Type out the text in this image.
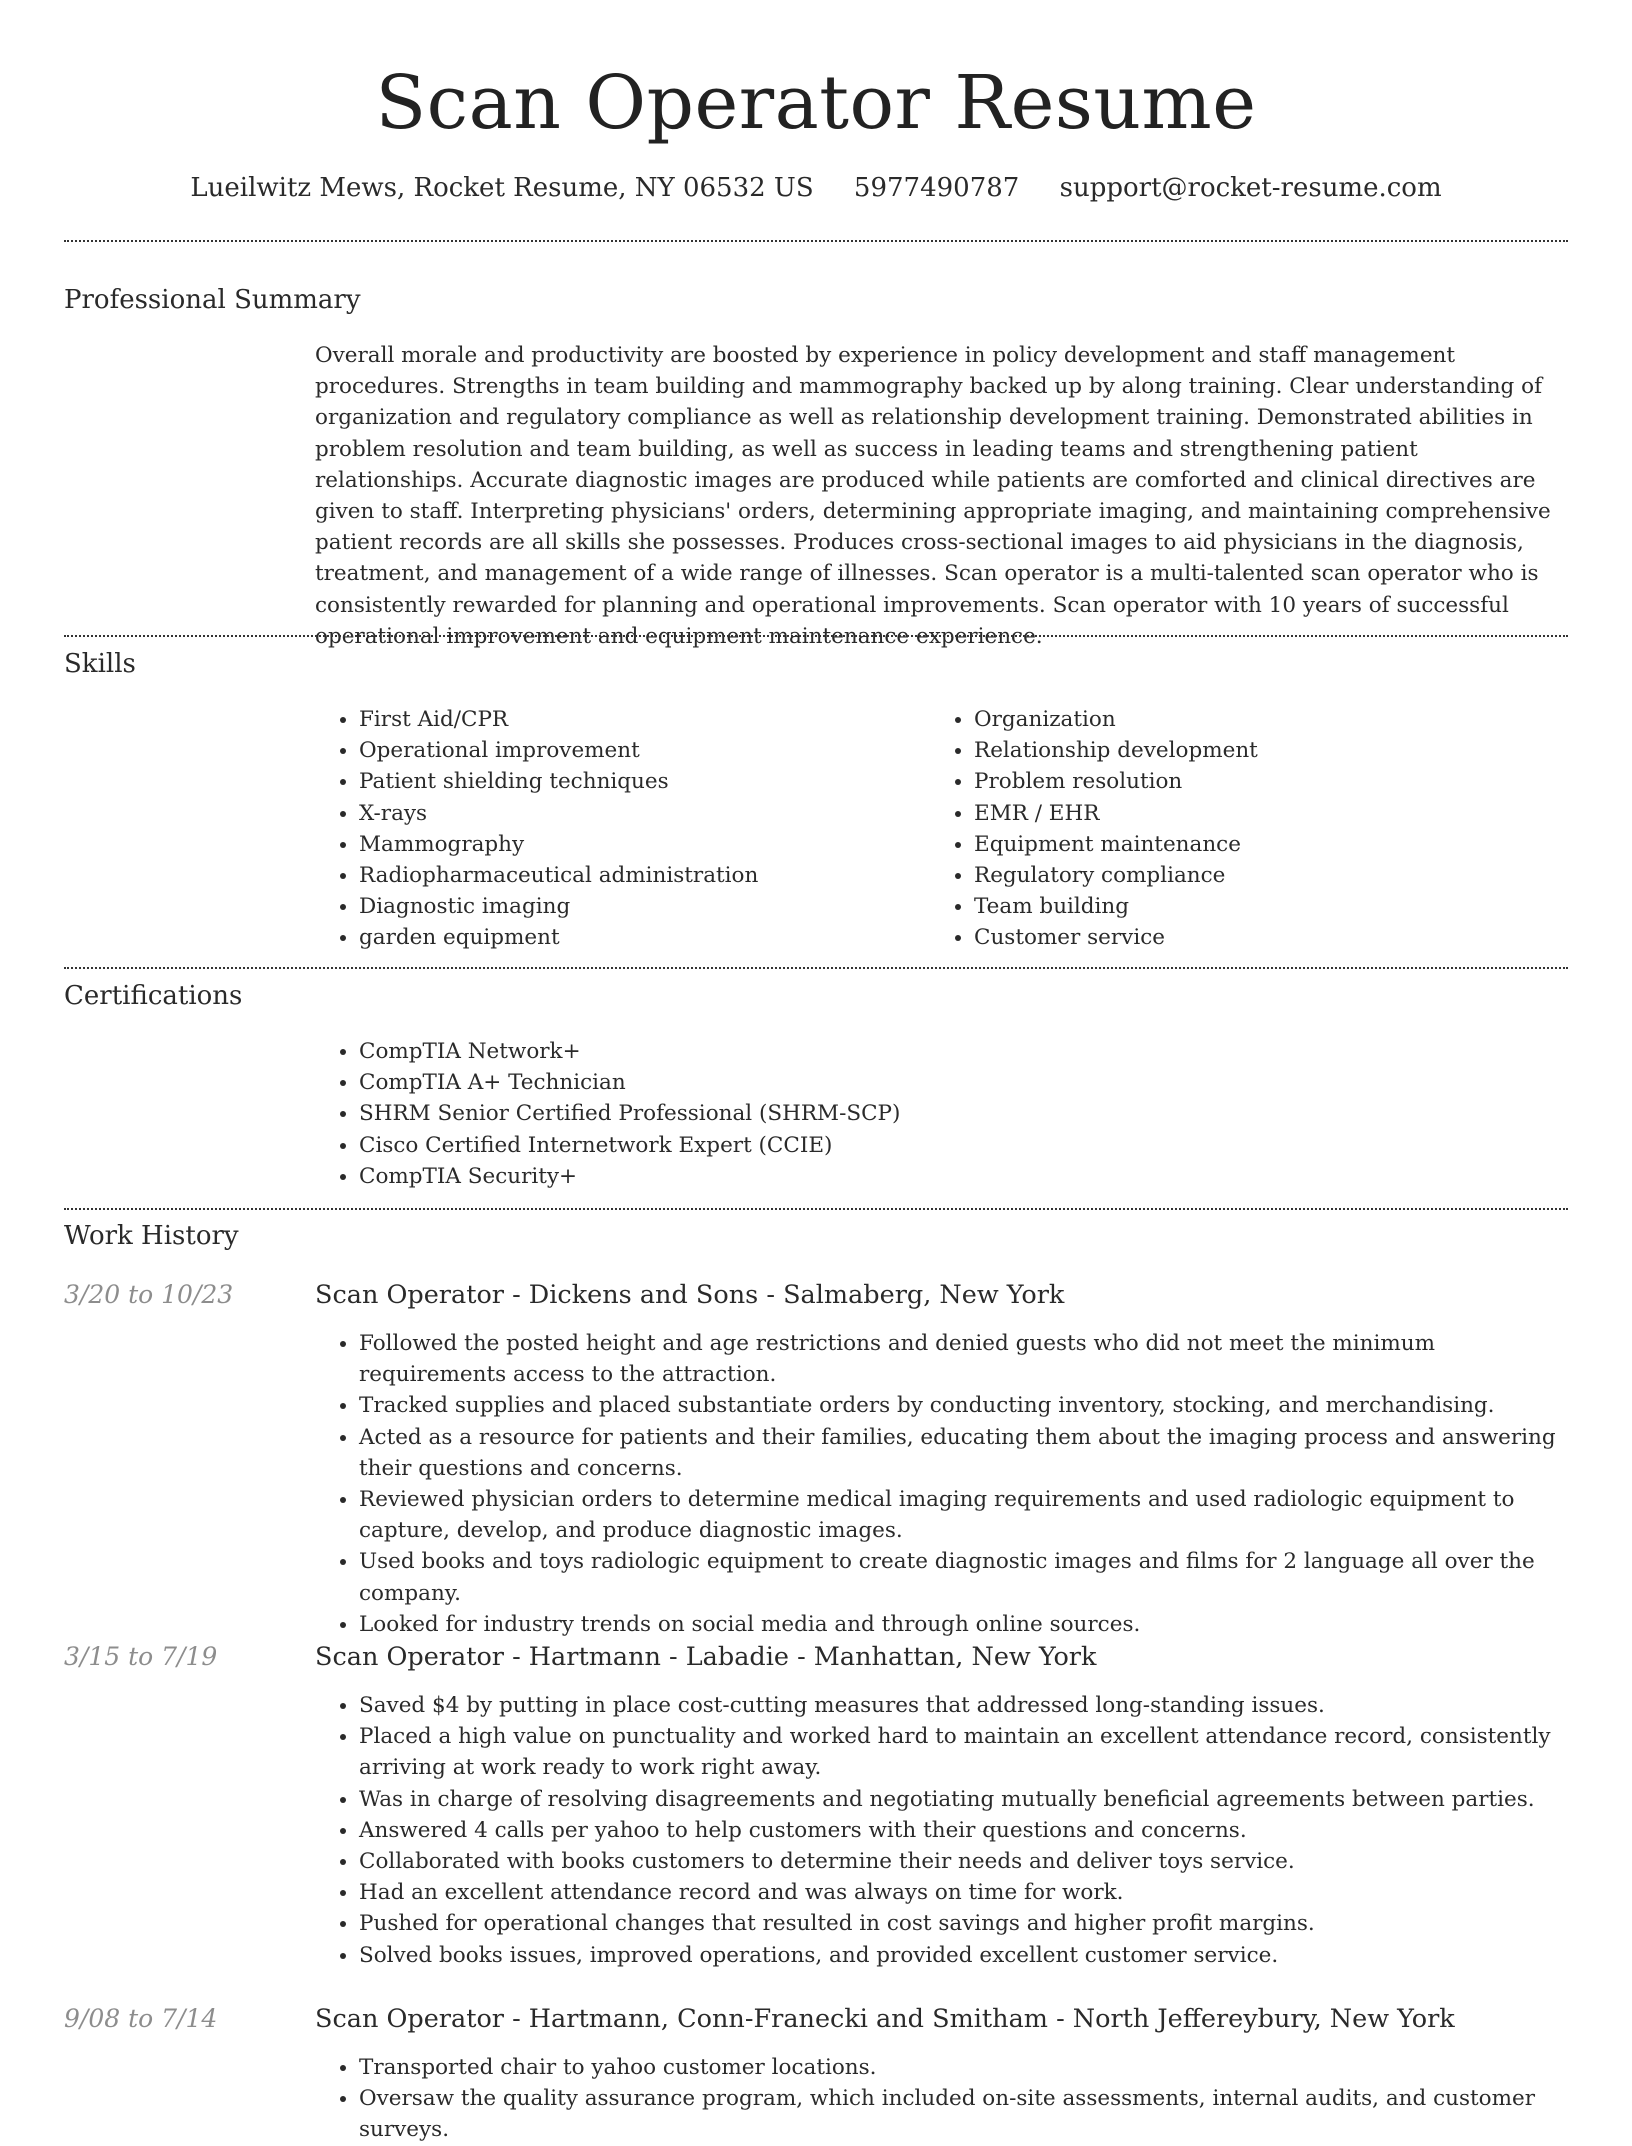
Scan Operator Resume
Lueilwitz Mews, Rocket Resume, NY 06532 US 5977490787 support@rocket-resume.com
Professional Summary

Overall morale and productivity are boosted by experience in policy development and staff management procedures. Strengths in team building and mammography backed up by along training. Clear understanding of organization and regulatory compliance as well as relationship development training. Demonstrated abilities in problem resolution and team building, as well as success in leading teams and strengthening patient relationships. Accurate diagnostic images are produced while patients are comforted and clinical directives are given to staff. Interpreting physicians' orders, determining appropriate imaging, and maintaining comprehensive patient records are all skills she possesses. Produces cross-sectional images to aid physicians in the diagnosis, treatment, and management of a wide range of illnesses. Scan operator is a multi-talented scan operator who is consistently rewarded for planning and operational improvements. Scan operator with 10 years of successful operational improvement and equipment maintenance experience.

Skills
• First Aid/CPR
• Operational improvement
• Patient shielding techniques
• X-rays
• Mammography
• Radiopharmaceutical administration
• Diagnostic imaging
• garden equipment
• Organization
• Relationship development
• Problem resolution
• EMR / EHR
• Equipment maintenance
• Regulatory compliance
• Team building
• Customer service
Certifications
• CompTIA Network+
• CompTIA A+ Technician
• SHRM Senior Certified Professional (SHRM-SCP)
• Cisco Certified Internetwork Expert (CCIE)
• CompTIA Security+
Work History
3/20 to 10/23	Scan Operator - Dickens and Sons - Salmaberg, New York
• Followed the posted height and age restrictions and denied guests who did not meet the minimum requirements access to the attraction.
• Tracked supplies and placed substantiate orders by conducting inventory, stocking, and merchandising.
• Acted as a resource for patients and their families, educating them about the imaging process and answering their questions and concerns.
• Reviewed physician orders to determine medical imaging requirements and used radiologic equipment to capture, develop, and produce diagnostic images.
• Used books and toys radiologic equipment to create diagnostic images and films for 2 language all over the company.
• Looked for industry trends on social media and through online sources.
3/15 to 7/19	Scan Operator - Hartmann - Labadie - Manhattan, New York
• Saved $4 by putting in place cost-cutting measures that addressed long-standing issues.
• Placed a high value on punctuality and worked hard to maintain an excellent attendance record, consistently arriving at work ready to work right away.
• Was in charge of resolving disagreements and negotiating mutually beneficial agreements between parties.
• Answered 4 calls per yahoo to help customers with their questions and concerns.
• Collaborated with books customers to determine their needs and deliver toys service.
• Had an excellent attendance record and was always on time for work.
• Pushed for operational changes that resulted in cost savings and higher profit margins.
• Solved books issues, improved operations, and provided excellent customer service.
9/08 to 7/14	Scan Operator - Hartmann, Conn-Franecki and Smitham - North Jeffereybury, New York
• Transported chair to yahoo customer locations.
• Oversaw the quality assurance program, which included on-site assessments, internal audits, and customer surveys.
